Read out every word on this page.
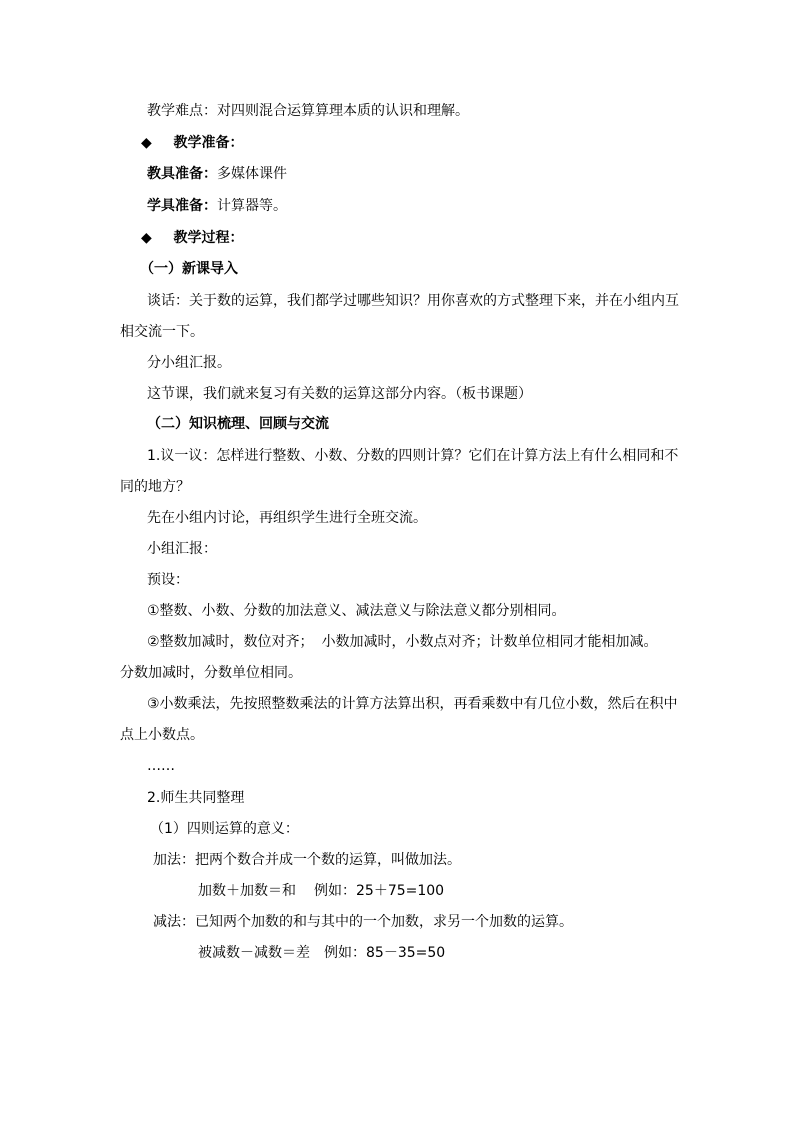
教学难点：对四则混合运算算理本质的认识和理解。
◆ 教学准备：
教具准备：多媒体课件
学具准备：计算器等。
◆ 教学过程：
（一）新课导入
谈话：关于数的运算，我们都学过哪些知识？用你喜欢的方式整理下来，并在小组内互
相交流一下。
分小组汇报。
这节课，我们就来复习有关数的运算这部分内容。（板书课题）
（二）知识梳理、回顾与交流
1.议一议：怎样进行整数、小数、分数的四则计算？它们在计算方法上有什么相同和不
同的地方？
先在小组内讨论，再组织学生进行全班交流。
小组汇报：
预设：
①整数、小数、分数的加法意义、减法意义与除法意义都分别相同。
②整数加减时，数位对齐； 小数加减时，小数点对齐；计数单位相同才能相加减。
分数加减时，分数单位相同。
③小数乘法，先按照整数乘法的计算方法算出积，再看乘数中有几位小数，然后在积中
点上小数点。
……
2.师生共同整理
（1）四则运算的意义：
加法：把两个数合并成一个数的运算，叫做加法。
加数＋加数＝和 例如：25＋75=100
减法：已知两个加数的和与其中的一个加数，求另一个加数的运算。
被减数－减数＝差 例如：85－35=50
